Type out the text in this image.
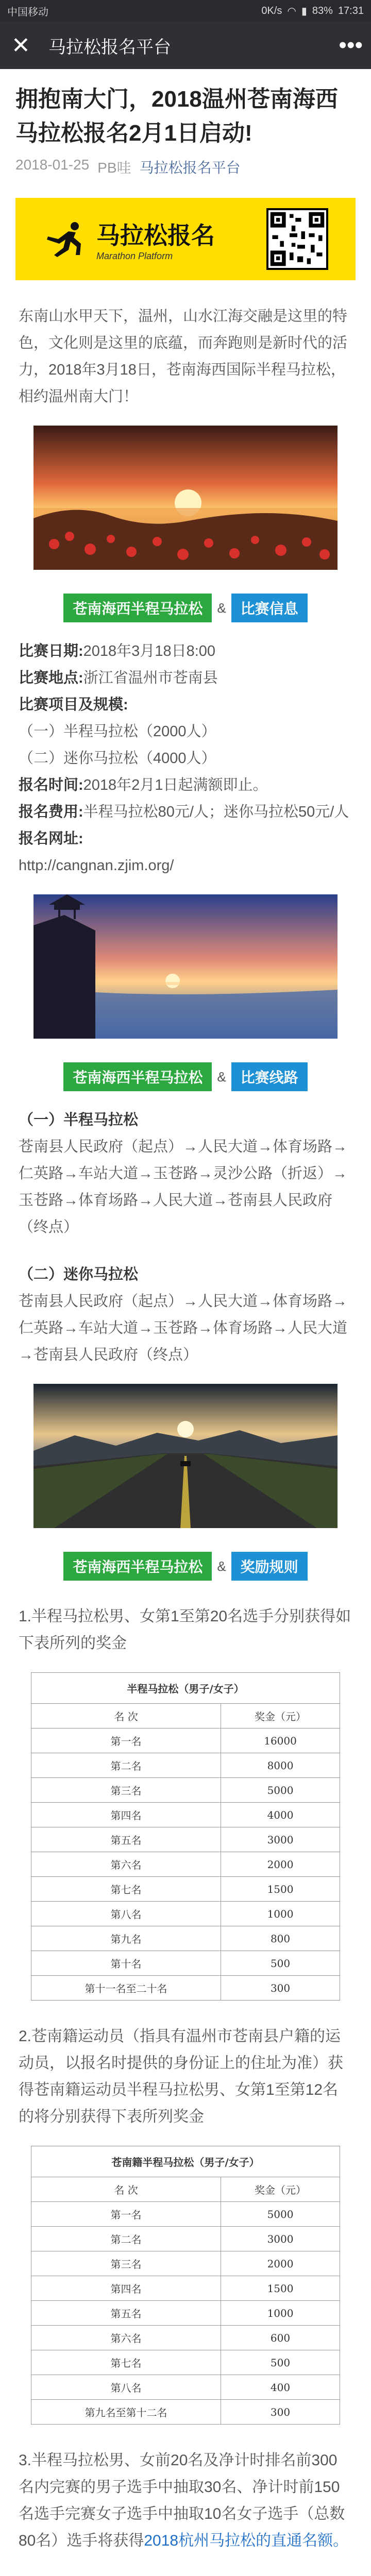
中国移动	0K/s ◠ ▮ 83% 17:31
✕	马拉松报名平台	• • •
拥抱南大门，2018温州苍南海西马拉松报名2月1日启动!
2018-01-25 PB哇 马拉松报名平台
马拉松报名
Marathon Platform

东南山水甲天下，温州，山水江海交融是这里的特色，文化则是这里的底蕴，而奔跑则是新时代的活力，2018年3月18日，苍南海西国际半程马拉松，相约温州南大门！

苍南海西半程马拉松	&	比赛信息
比赛日期:2018年3月18日8:00
比赛地点:浙江省温州市苍南县
比赛项目及规模:
（一）半程马拉松（2000人）
（二）迷你马拉松（4000人）
报名时间:2018年2月1日起满额即止。
报名费用:半程马拉松80元/人；迷你马拉松50元/人
报名网址:
http://cangnan.zjim.org/
苍南海西半程马拉松	&	比赛线路
（一）半程马拉松
苍南县人民政府（起点）→人民大道→体育场路→仁英路→车站大道→玉苍路→灵沙公路（折返）→玉苍路→体育场路→人民大道→苍南县人民政府（终点）
（二）迷你马拉松
苍南县人民政府（起点）→人民大道→体育场路→仁英路→车站大道→玉苍路→体育场路→人民大道→苍南县人民政府（终点）
苍南海西半程马拉松	&	奖励规则

1.半程马拉松男、女第1至第20名选手分别获得如下表所列的奖金

半程马拉松（男子/女子）	
名 次	奖金（元）
第一名	16000
第二名	8000
第三名	5000
第四名	4000
第五名	3000
第六名	2000
第七名	1500
第八名	1000
第九名	800
第十名	500
第十一名至二十名	300

2.苍南籍运动员（指具有温州市苍南县户籍的运动员，以报名时提供的身份证上的住址为准）获得苍南籍运动员半程马拉松男、女第1至第12名的将分别获得下表所列奖金

苍南籍半程马拉松（男子/女子）	
名 次	奖金（元）
第一名	5000
第二名	3000
第三名	2000
第四名	1500
第五名	1000
第六名	600
第七名	500
第八名	400
第九名至第十二名	300

3.半程马拉松男、女前20名及净计时排名前300名内完赛的男子选手中抽取30名、净计时前150名选手完赛女子选手中抽取10名女子选手（总数80名）选手将获得2018杭州马拉松的直通名额。
